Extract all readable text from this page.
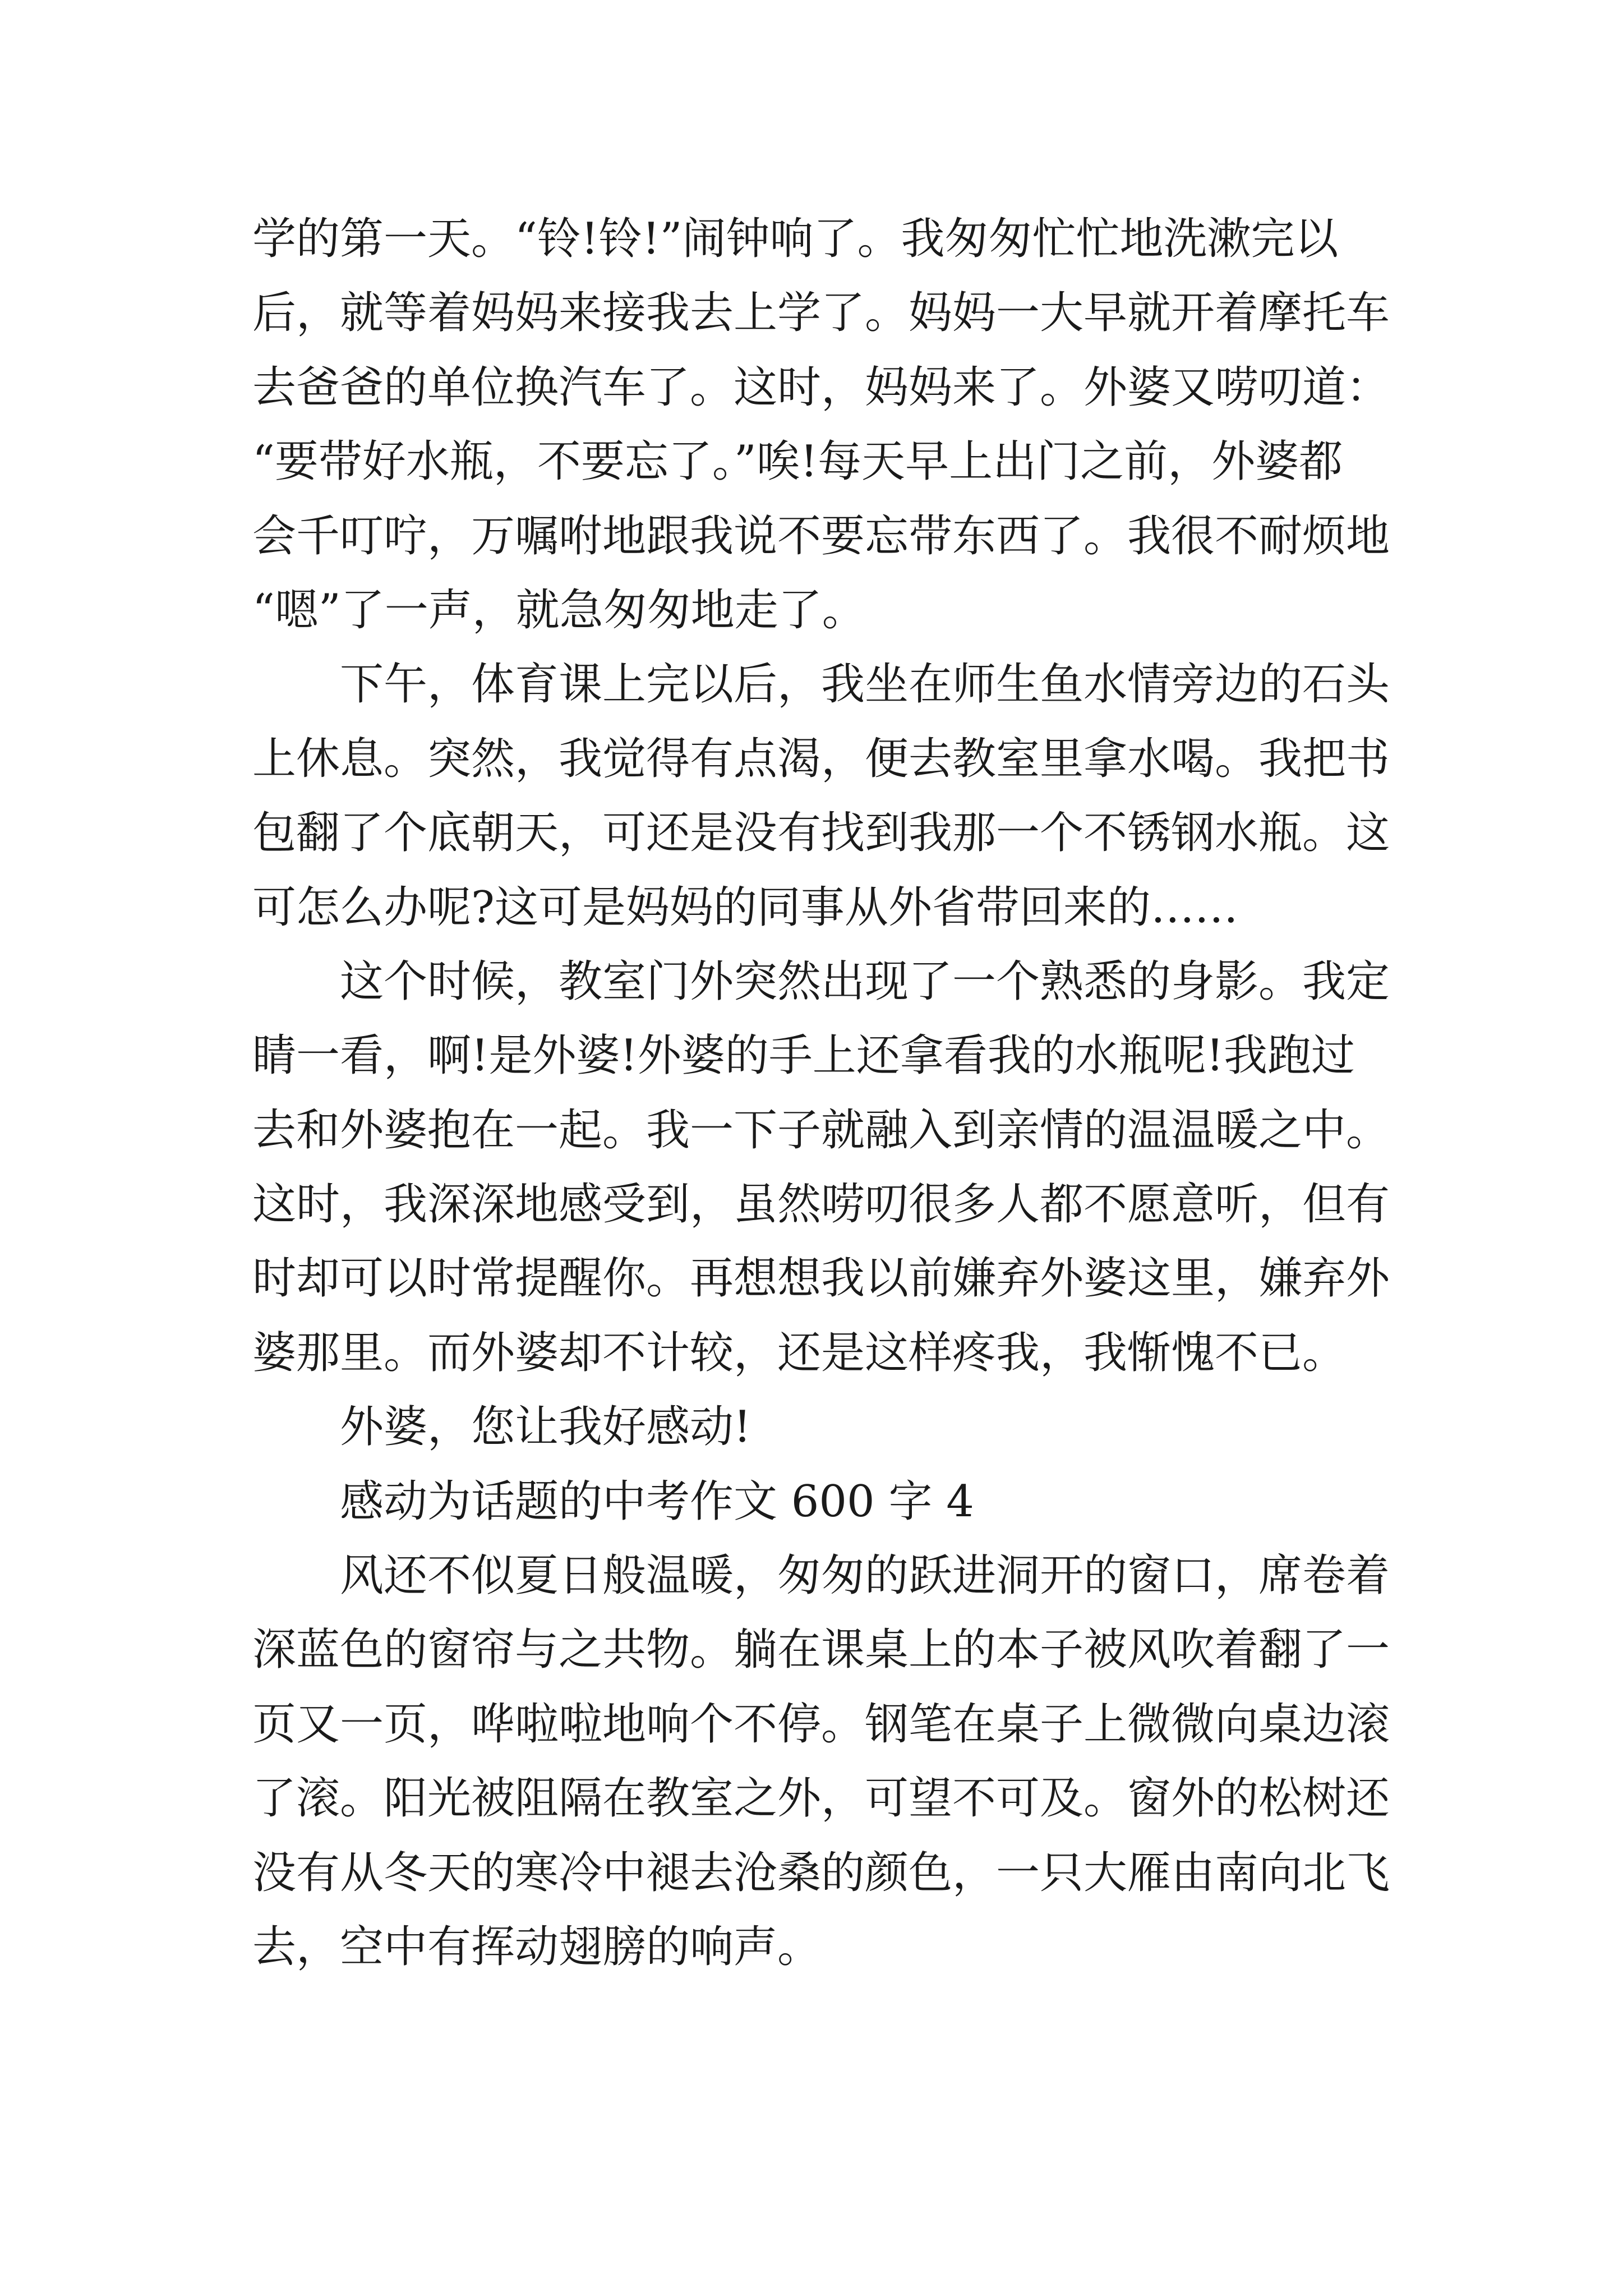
学的第一天。“铃!铃!”闹钟响了。我匆匆忙忙地洗漱完以
后，就等着妈妈来接我去上学了。妈妈一大早就开着摩托车
去爸爸的单位换汽车了。这时，妈妈来了。外婆又唠叨道：
“要带好水瓶，不要忘了。”唉!每天早上出门之前，外婆都
会千叮咛，万嘱咐地跟我说不要忘带东西了。我很不耐烦地
“嗯”了一声，就急匆匆地走了。
　　下午，体育课上完以后，我坐在师生鱼水情旁边的石头
上休息。突然，我觉得有点渴，便去教室里拿水喝。我把书
包翻了个底朝天，可还是没有找到我那一个不锈钢水瓶。这
可怎么办呢?这可是妈妈的同事从外省带回来的……
　　这个时候，教室门外突然出现了一个熟悉的身影。我定
睛一看，啊!是外婆!外婆的手上还拿看我的水瓶呢!我跑过
去和外婆抱在一起。我一下子就融入到亲情的温温暖之中。
这时，我深深地感受到，虽然唠叨很多人都不愿意听，但有
时却可以时常提醒你。再想想我以前嫌弃外婆这里，嫌弃外
婆那里。而外婆却不计较，还是这样疼我，我惭愧不已。
　　外婆，您让我好感动!
　　感动为话题的中考作文 600 字 4
　　风还不似夏日般温暖，匆匆的跃进洞开的窗口，席卷着
深蓝色的窗帘与之共物。躺在课桌上的本子被风吹着翻了一
页又一页，哗啦啦地响个不停。钢笔在桌子上微微向桌边滚
了滚。阳光被阻隔在教室之外，可望不可及。窗外的松树还
没有从冬天的寒冷中褪去沧桑的颜色，一只大雁由南向北飞
去，空中有挥动翅膀的响声。
